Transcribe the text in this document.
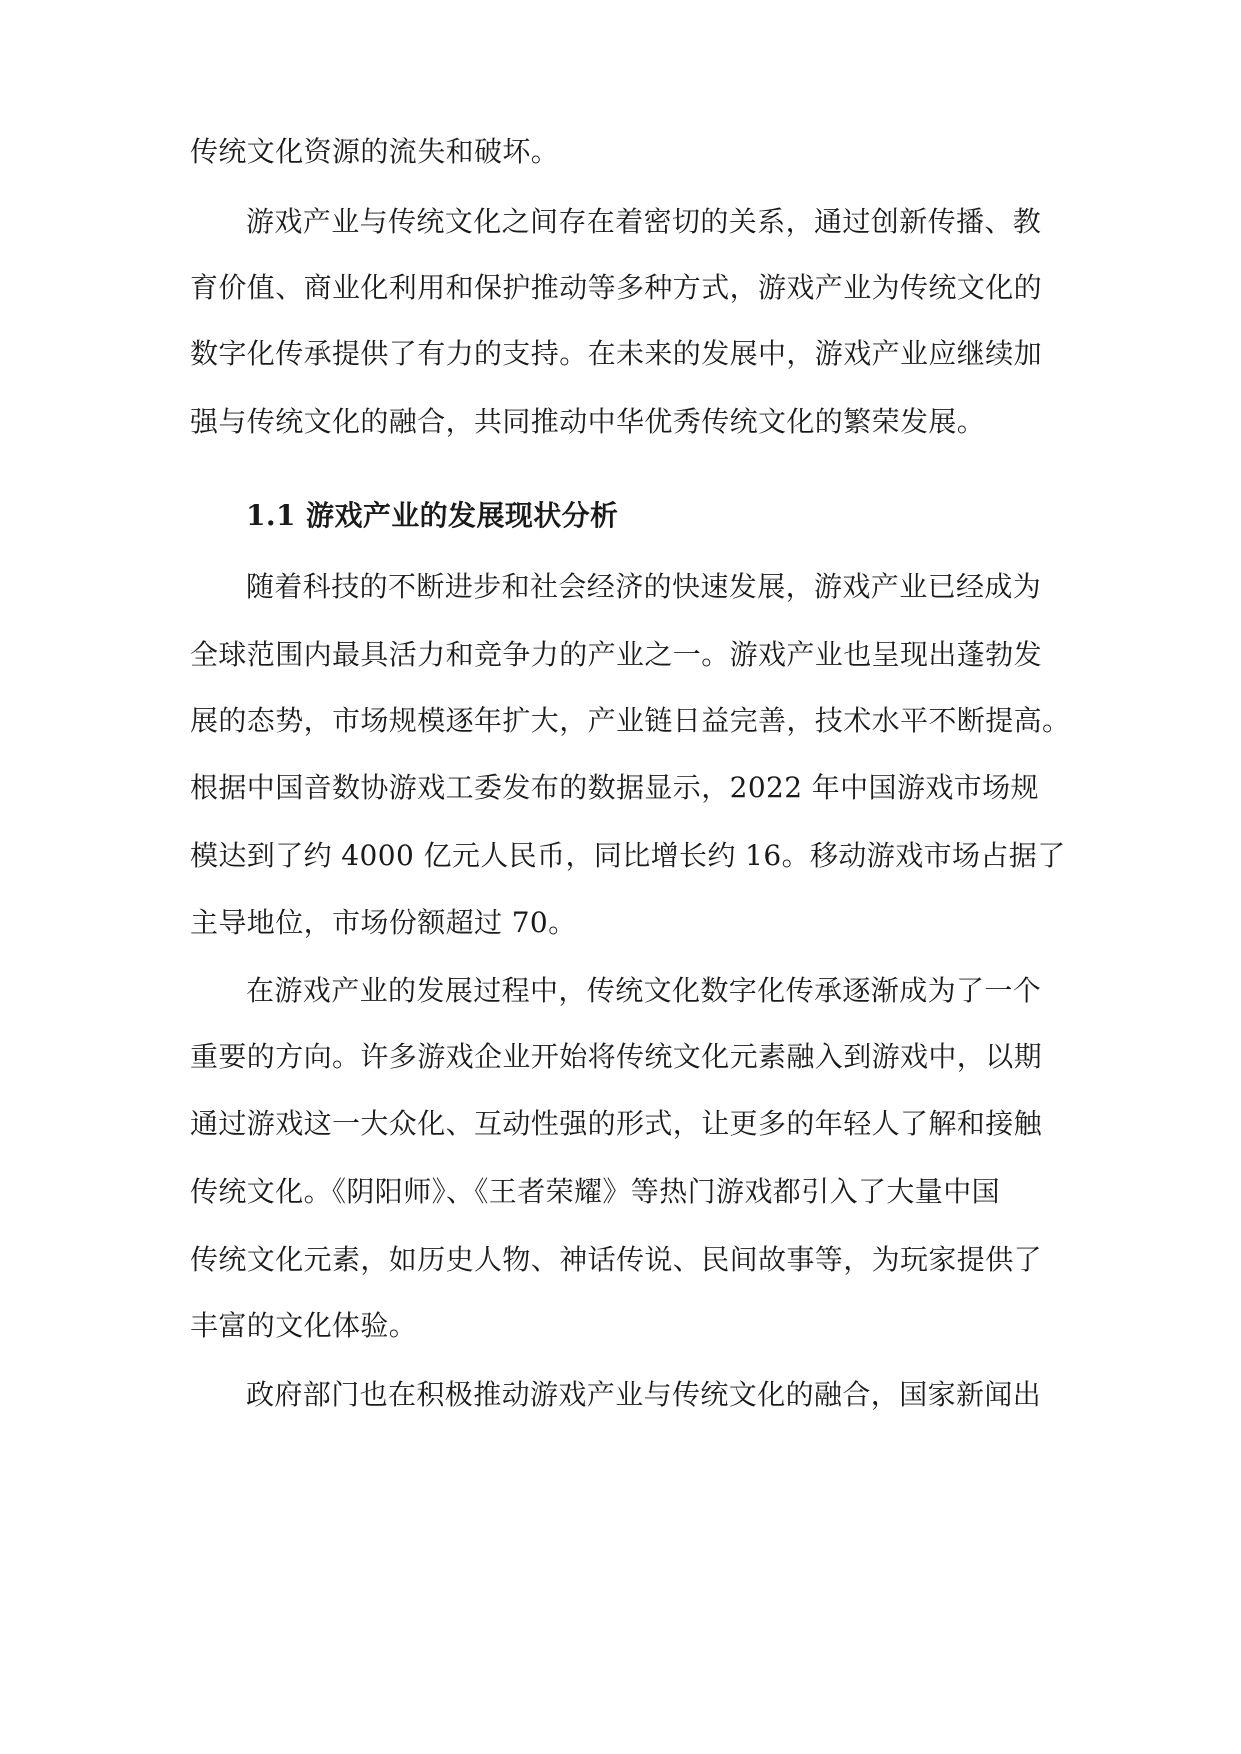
传统文化资源的流失和破坏。
游戏产业与传统文化之间存在着密切的关系，通过创新传播、教
育价值、商业化利用和保护推动等多种方式，游戏产业为传统文化的
数字化传承提供了有力的支持。在未来的发展中，游戏产业应继续加
强与传统文化的融合，共同推动中华优秀传统文化的繁荣发展。
1.1 游戏产业的发展现状分析
随着科技的不断进步和社会经济的快速发展，游戏产业已经成为
全球范围内最具活力和竞争力的产业之一。游戏产业也呈现出蓬勃发
展的态势，市场规模逐年扩大，产业链日益完善，技术水平不断提高。
根据中国音数协游戏工委发布的数据显示，2022 年中国游戏市场规
模达到了约 4000 亿元人民币，同比增长约 16。移动游戏市场占据了
主导地位，市场份额超过 70。
在游戏产业的发展过程中，传统文化数字化传承逐渐成为了一个
重要的方向。许多游戏企业开始将传统文化元素融入到游戏中，以期
通过游戏这一大众化、互动性强的形式，让更多的年轻人了解和接触
传统文化。《阴阳师》、《王者荣耀》等热门游戏都引入了大量中国
传统文化元素，如历史人物、神话传说、民间故事等，为玩家提供了
丰富的文化体验。
政府部门也在积极推动游戏产业与传统文化的融合，国家新闻出
